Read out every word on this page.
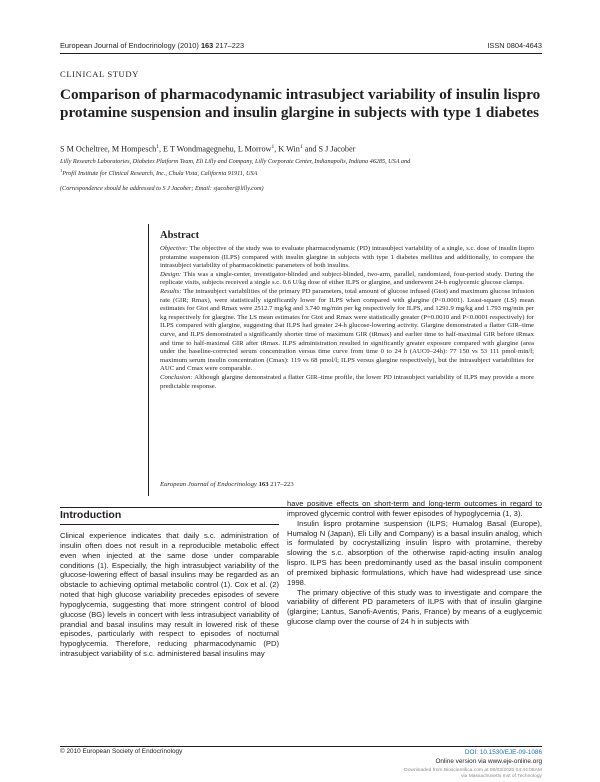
European Journal of Endocrinology (2010) 163 217–223	ISSN 0804-4643
CLINICAL STUDY
Comparison of pharmacodynamic intrasubject variability of insulin lispro protamine suspension and insulin glargine in subjects with type 1 diabetes
S M Ocheltree, M Hompesch$^1$, E T Wondmagegnehu, L Morrow$^1$, K Win$^1$ and S J Jacober
Lilly Research Laboratories, Diabetes Platform Team, Eli Lilly and Company, Lilly Corporate Center, Indianapolis, Indiana 46285, USA and
$^1$Profil Institute for Clinical Research, Inc., Chula Vista, California 91911, USA
(Correspondence should be addressed to S J Jacober; Email: sjacober@lilly.com)
Abstract

Objective: The objective of the study was to evaluate pharmacodynamic (PD) intrasubject variability of a single, s.c. dose of insulin lispro protamine suspension (ILPS) compared with insulin glargine in subjects with type 1 diabetes mellitus and additionally, to compare the intrasubject variability of pharmacokinetic parameters of both insulins.

Design: This was a single-center, investigator-blinded and subject-blinded, two-arm, parallel, randomized, four-period study. During the replicate visits, subjects received a single s.c. 0.6 U/kg dose of either ILPS or glargine, and underwent 24-h euglycemic glucose clamps.

Results: The intrasubject variabilities of the primary PD parameters, total amount of glucose infused (Gtot) and maximum glucose infusion rate (GIR; Rmax), were statistically significantly lower for ILPS when compared with glargine (P<0.0001). Least-square (LS) mean estimates for Gtot and Rmax were 2512.7 mg/kg and 3.740 mg/min per kg respectively for ILPS, and 1291.9 mg/kg and 1.793 mg/min per kg respectively for glargine. The LS mean estimates for Gtot and Rmax were statistically greater (P=0.0010 and P<0.0001 respectively) for ILPS compared with glargine, suggesting that ILPS had greater 24-h glucose-lowering activity. Glargine demonstrated a flatter GIR–time curve, and ILPS demonstrated a significantly shorter time of maximum GIR (tRmax) and earlier time to half-maximal GIR before tRmax and time to half-maximal GIR after tRmax. ILPS administration resulted in significantly greater exposure compared with glargine (area under the baseline-corrected serum concentration versus time curve from time 0 to 24 h (AUC0–24h): 77 150 vs 53 111 pmol·min/l; maximum serum insulin concentration (Cmax): 119 vs 68 pmol/l; ILPS versus glargine respectively), but the intrasubject variabilities for AUC and Cmax were comparable.

Conclusion: Although glargine demonstrated a flatter GIR–time profile, the lower PD intrasubject variability of ILPS may provide a more predictable response.

European Journal of Endocrinology 163 217–223
Introduction

Clinical experience indicates that daily s.c. administration of insulin often does not result in a reproducible metabolic effect even when injected at the same dose under comparable conditions (1). Especially, the high intrasubject variability of the glucose-lowering effect of basal insulins may be regarded as an obstacle to achieving optimal metabolic control (1). Cox et al. (2) noted that high glucose variability precedes episodes of severe hypoglycemia, suggesting that more stringent control of blood glucose (BG) levels in concert with less intrasubject variability of prandial and basal insulins may result in lowered risk of these episodes, particularly with respect to episodes of nocturnal hypoglycemia. Therefore, reducing pharmacodynamic (PD) intrasubject variability of s.c. administered basal insulins may

have positive effects on short-term and long-term outcomes in regard to improved glycemic control with fewer episodes of hypoglycemia (1, 3).

Insulin lispro protamine suspension (ILPS; Humalog Basal (Europe), Humalog N (Japan), Eli Lilly and Company) is a basal insulin analog, which is formulated by cocrystallizing insulin lispro with protamine, thereby slowing the s.c. absorption of the otherwise rapid-acting insulin analog lispro. ILPS has been predominantly used as the basal insulin component of premixed biphasic formulations, which have had widespread use since 1998.

The primary objective of this study was to investigate and compare the variability of different PD parameters of ILPS with that of insulin glargine (glargine; Lantus, Sanofi-Aventis, Paris, France) by means of a euglycemic glucose clamp over the course of 24 h in subjects with

© 2010 European Society of Endocrinology	DOI: 10.1530/EJE-09-1086
Online version via www.eje-online.org
Downloaded from Bioscientifica.com at 08/03/2020 04:44:08AM
via Massachusetts Inst of Technology
